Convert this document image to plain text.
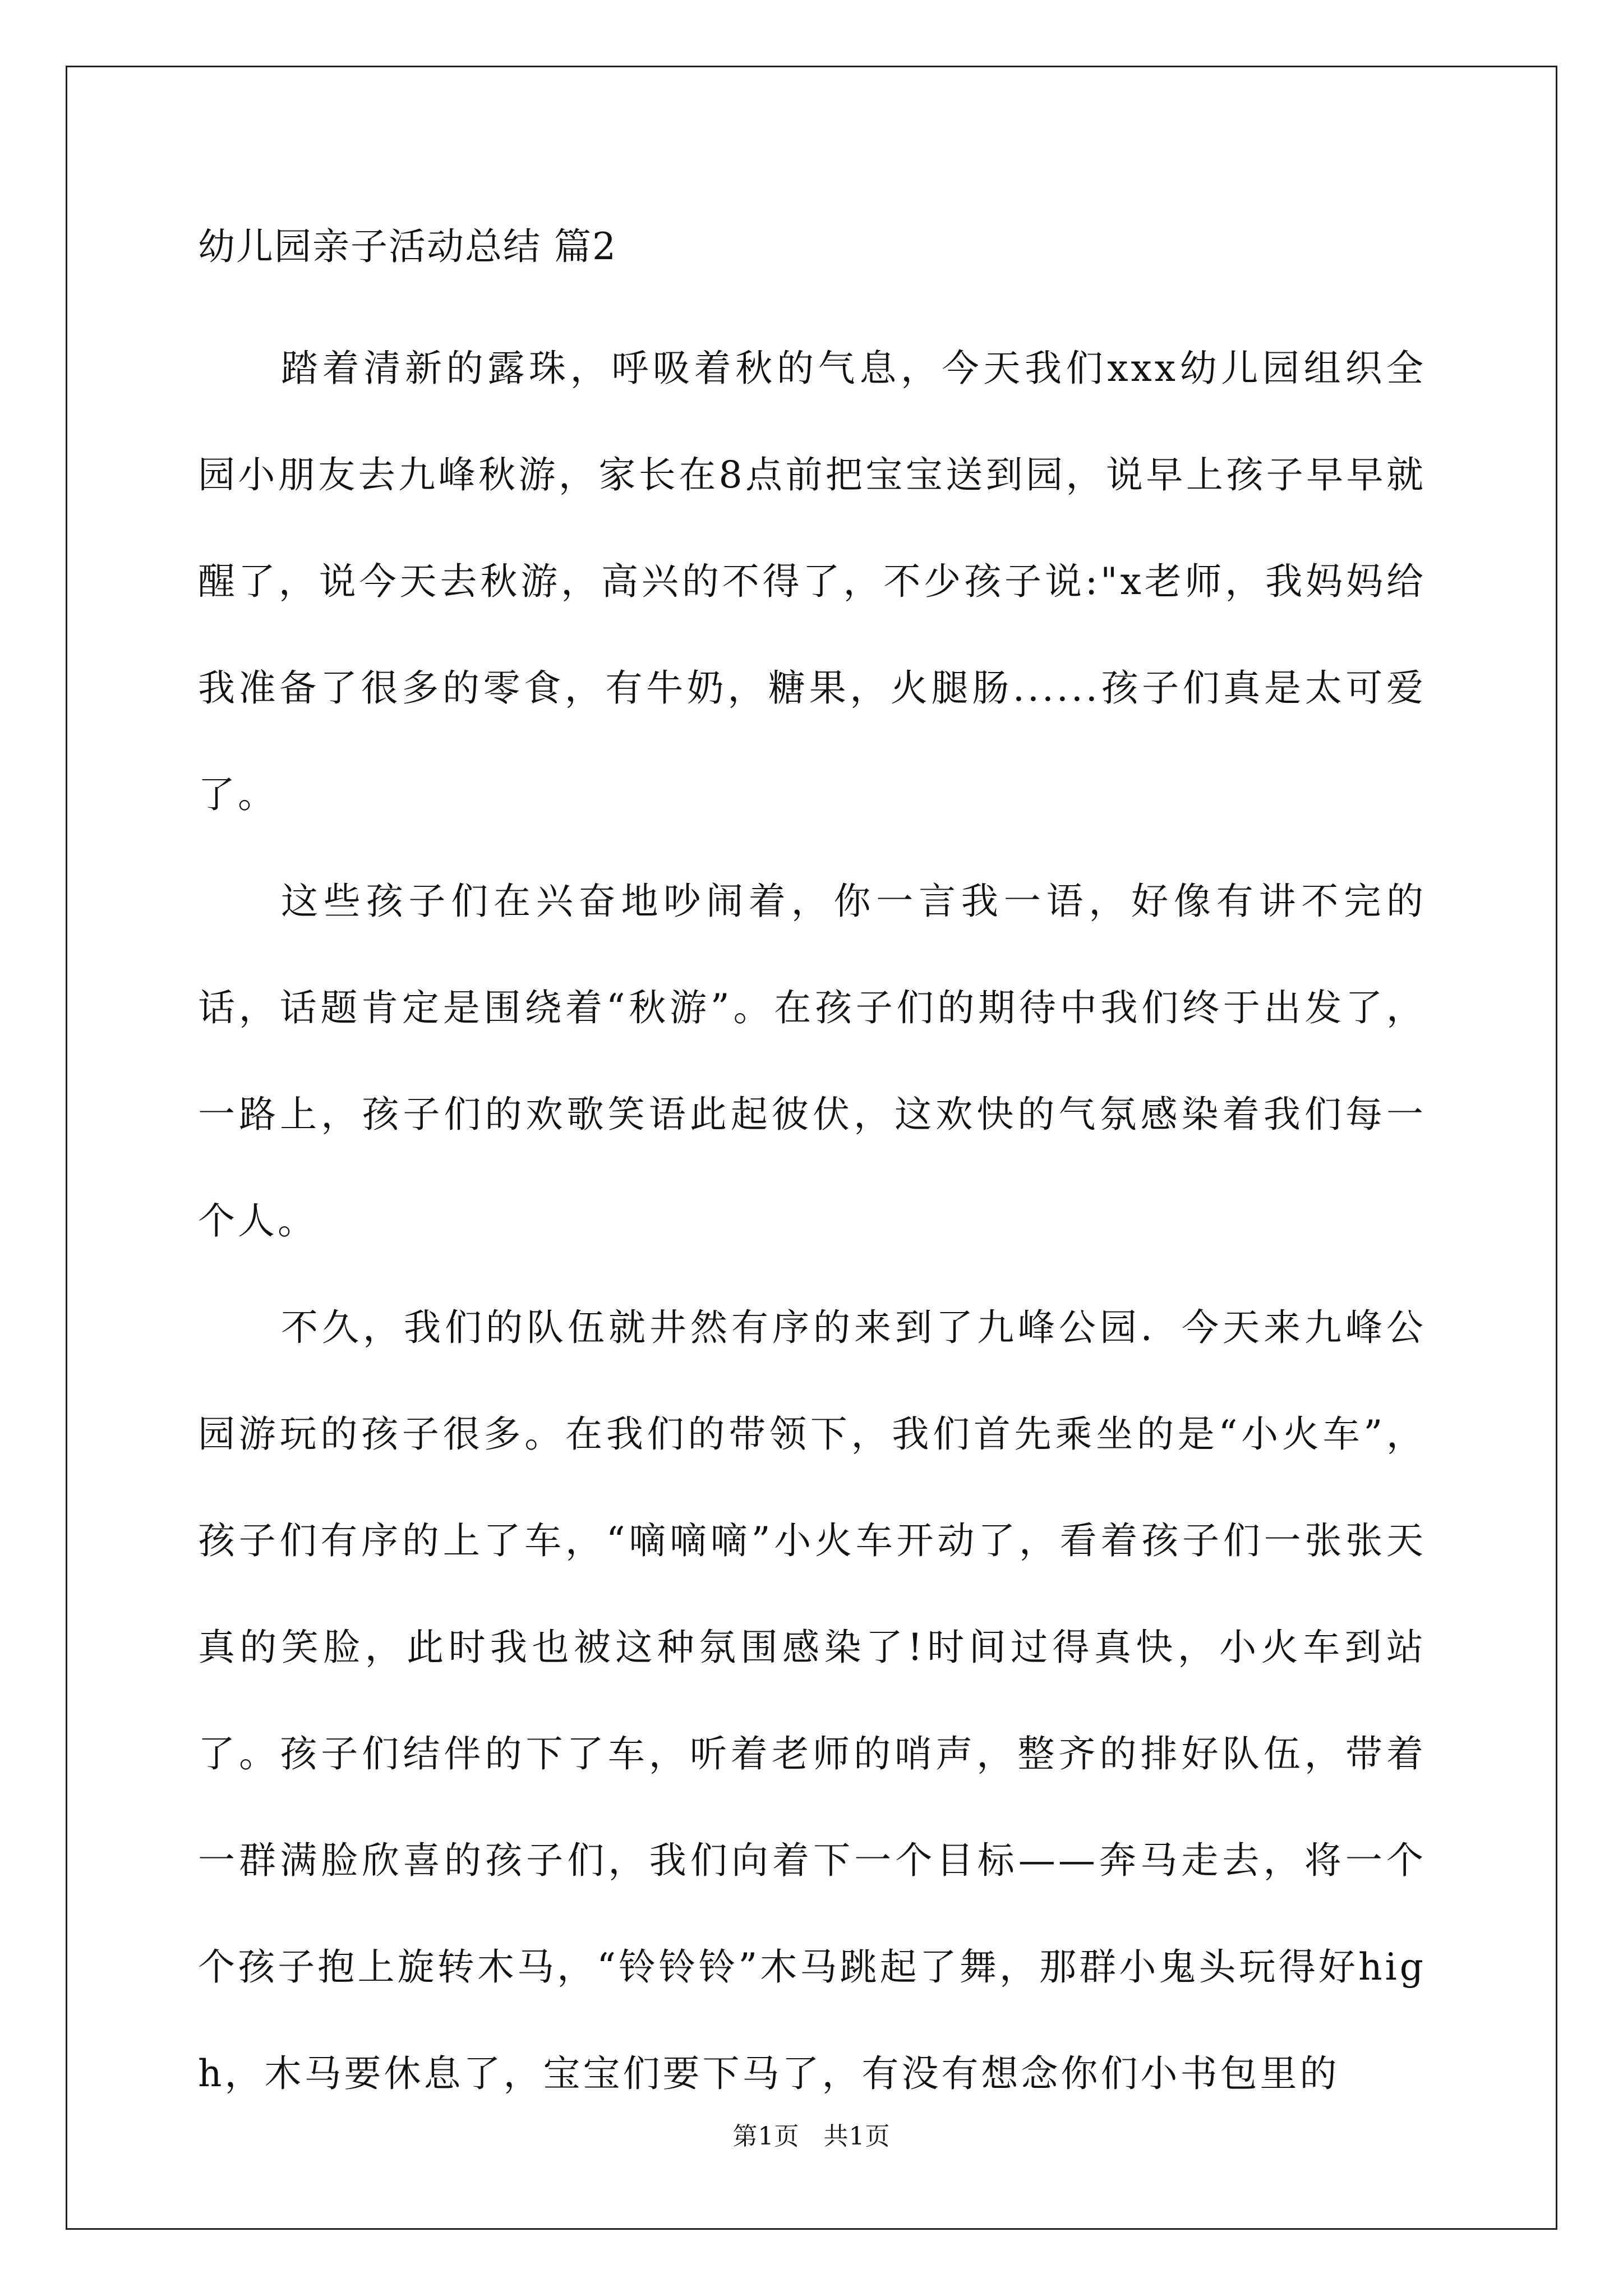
幼儿园亲子活动总结 篇2

踏着清新的露珠，呼吸着秋的气息，今天我们xxx幼儿园组织全园小朋友去九峰秋游，家长在8点前把宝宝送到园，说早上孩子早早就醒了，说今天去秋游，高兴的不得了，不少孩子说:"x老师，我妈妈给我准备了很多的零食，有牛奶，糖果，火腿肠......孩子们真是太可爱了。

这些孩子们在兴奋地吵闹着，你一言我一语，好像有讲不完的话，话题肯定是围绕着“秋游”。在孩子们的期待中我们终于出发了，一路上，孩子们的欢歌笑语此起彼伏，这欢快的气氛感染着我们每一个人。

不久，我们的队伍就井然有序的来到了九峰公园．今天来九峰公园游玩的孩子很多。在我们的带领下，我们首先乘坐的是“小火车”，孩子们有序的上了车，“嘀嘀嘀”小火车开动了，看着孩子们一张张天真的笑脸，此时我也被这种氛围感染了!时间过得真快，小火车到站了。孩子们结伴的下了车，听着老师的哨声，整齐的排好队伍，带着一群满脸欣喜的孩子们，我们向着下一个目标——奔马走去，将一个个孩子抱上旋转木马，“铃铃铃”木马跳起了舞，那群小鬼头玩得好high，木马要休息了，宝宝们要下马了，有没有想念你们小书包里的

第1页 共1页
